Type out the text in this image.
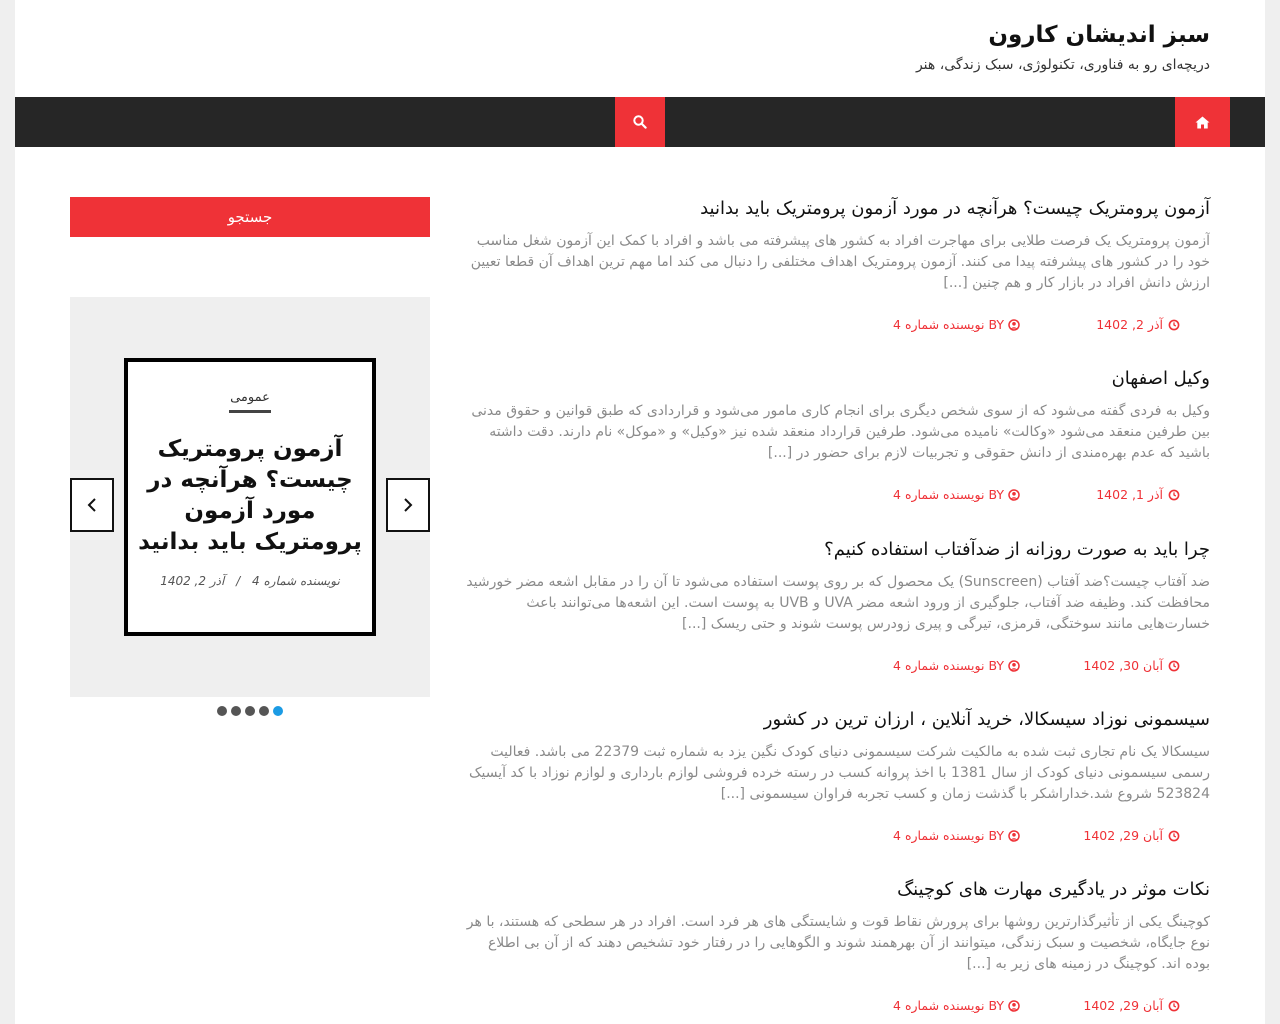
سبز اندیشان کارون
دریچه‌ای رو به فناوری، تکنولوژی، سبک زندگی، هنر
جستجو
عمومی
آزمون پرومتریک چیست؟ هرآنچه در مورد آزمون پرومتریک باید بدانید
نویسنده شماره 4 / آذر 2, 1402
آزمون پرومتریک چیست؟ هرآنچه در مورد آزمون پرومتریک باید بدانید
آزمون پرومتریک یک فرصت طلایی برای مهاجرت افراد به کشور های پیشرفته می باشد و افراد با کمک این آزمون شغل مناسب خود را در کشور های پیشرفته پیدا می کنند. آزمون پرومتریک اهداف مختلفی را دنبال می کند اما مهم ترین اهداف آن قطعا تعیین ارزش دانش افراد در بازار کار و هم چنین [...]
آذر 2, 1402
BY
نویسنده شماره 4
وکیل اصفهان
وکیل به فردی گفته می‌شود که از سوی شخص دیگری برای انجام کاری مامور می‌شود و قراردادی که طبق قوانین و حقوق مدنی بین طرفین منعقد می‌شود «وکالت» نامیده می‌شود. طرفین قرارداد منعقد شده نیز «وکیل» و «موکل» نام دارند. دقت داشته باشید که عدم بهره‌مندی از دانش حقوقی و تجربیات لازم برای حضور در [...]
آذر 1, 1402
BY
نویسنده شماره 4
چرا باید به صورت روزانه از ضدآفتاب استفاده کنیم؟
ضد آفتاب چیست؟ضد آفتاب (Sunscreen) یک محصول که بر روی پوست استفاده می‌شود تا آن را در مقابل اشعه مضر خورشید محافظت کند. وظیفه ضد آفتاب، جلوگیری از ورود اشعه مضر UVA و UVB به پوست است. این اشعه‌ها می‌توانند باعث خسارت‌هایی مانند سوختگی، قرمزی، تیرگی و پیری زودرس پوست شوند و حتی ریسک [...]
آبان 30, 1402
BY
نویسنده شماره 4
سیسمونی نوزاد سیسکالا، خرید آنلاین ، ارزان ترین در کشور
سیسکالا یک نام تجاری ثبت شده به مالکیت شرکت سیسمونی دنیای کودک نگین یزد به شماره ثبت 22379 می باشد. فعالیت رسمی سیسمونی دنیای کودک از سال 1381 با اخذ پروانه کسب در رسته خرده فروشی لوازم بارداری و لوازم نوزاد با کد آیسیک 523824 شروع شد.خداراشکر با گذشت زمان و کسب تجربه فراوان سیسمونی [...]
آبان 29, 1402
BY
نویسنده شماره 4
نکات موثر در یادگیری مهارت های کوچینگ
کوچینگ یکی از تأثیرگذارترین روشها برای پرورش نقاط قوت و شایستگی های هر فرد است. افراد در هر سطحی که هستند، با هر نوع جایگاه، شخصیت و سبک زندگی، میتوانند از آن بهرهمند شوند و الگوهایی را در رفتار خود تشخیص دهند که از آن بی اطلاع بوده اند. کوچینگ در زمینه های زیر به [...]
آبان 29, 1402
BY
نویسنده شماره 4
